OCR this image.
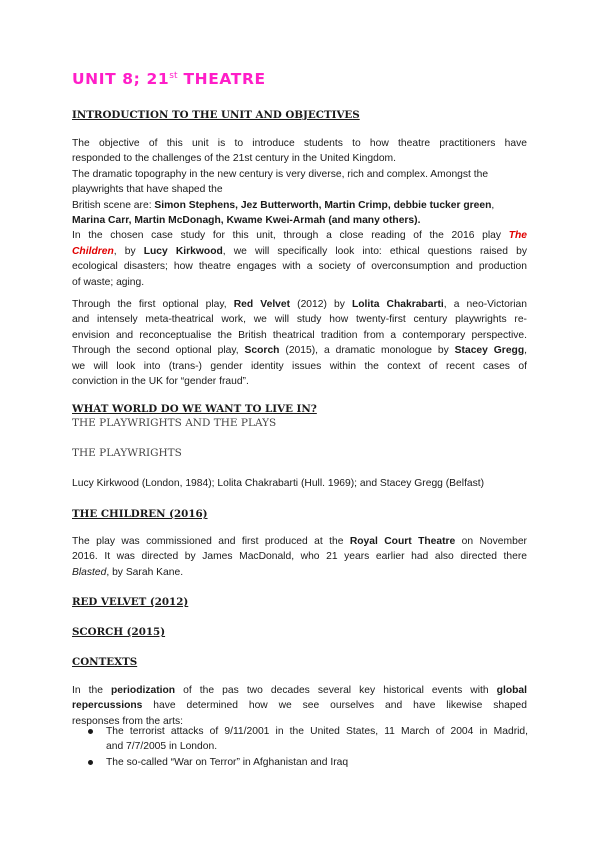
UNIT 8; 21st THEATRE
INTRODUCTION TO THE UNIT AND OBJECTIVES
The objective of this unit is to introduce students to how theatre practitioners have
responded to the challenges of the 21st century in the United Kingdom.
The dramatic topography in the new century is very diverse, rich and complex. Amongst the
playwrights that have shaped the
British scene are: Simon Stephens, Jez Butterworth, Martin Crimp, debbie tucker green,
Marina Carr, Martin McDonagh, Kwame Kwei-Armah (and many others).
In the chosen case study for this unit, through a close reading of the 2016 play The
Children, by Lucy Kirkwood, we will specifically look into: ethical questions raised by
ecological disasters; how theatre engages with a society of overconsumption and production
of waste; aging.
Through the first optional play, Red Velvet (2012) by Lolita Chakrabarti, a neo-Victorian
and intensely meta-theatrical work, we will study how twenty-first century playwrights re-
envision and reconceptualise the British theatrical tradition from a contemporary perspective.
Through the second optional play, Scorch (2015), a dramatic monologue by Stacey Gregg,
we will look into (trans-) gender identity issues within the context of recent cases of
conviction in the UK for “gender fraud”.
WHAT WORLD DO WE WANT TO LIVE IN?
THE PLAYWRIGHTS AND THE PLAYS
THE PLAYWRIGHTS
Lucy Kirkwood (London, 1984); Lolita Chakrabarti (Hull. 1969); and Stacey Gregg (Belfast)
THE CHILDREN (2016)
The play was commissioned and first produced at the Royal Court Theatre on November
2016. It was directed by James MacDonald, who 21 years earlier had also directed there
Blasted, by Sarah Kane.
RED VELVET (2012)
SCORCH (2015)
CONTEXTS
In the periodization of the pas two decades several key historical events with global
repercussions have determined how we see ourselves and have likewise shaped
responses from the arts:
The terrorist attacks of 9/11/2001 in the United States, 11 March of 2004 in Madrid,
and 7/7/2005 in London.
The so-called “War on Terror” in Afghanistan and Iraq
